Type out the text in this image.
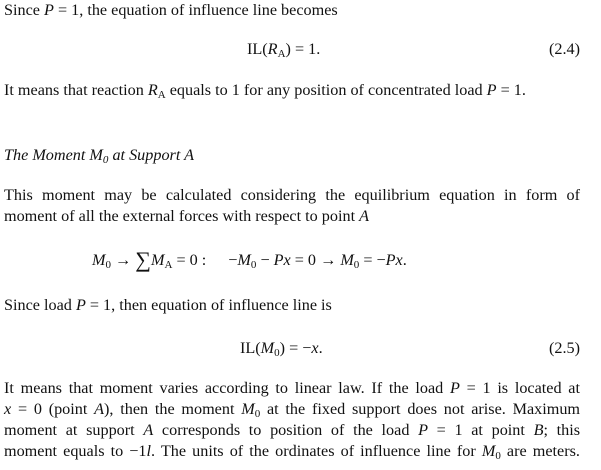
Since P = 1, the equation of influence line becomes
$IL(R_A) = 1$.	(2.4)
It means that reaction $R_A$ equals to 1 for any position of concentrated load P = 1.
The Moment $M_0$ at Support A
This moment may be calculated considering the equilibrium equation in form of
moment of all the external forces with respect to point A
$M_0 \to \sum M_A = 0$ : $-M_0 - Px = 0 \to M_0 = -Px$.
Since load P = 1, then equation of influence line is
$IL(M_0) = -x$.	(2.5)
It means that moment varies according to linear law. If the load P = 1 is located at
x = 0 (point A), then the moment $M_0$ at the fixed support does not arise. Maximum
moment at support A corresponds to position of the load P = 1 at point B; this
moment equals to −1l. The units of the ordinates of influence line for $M_0$ are meters.
